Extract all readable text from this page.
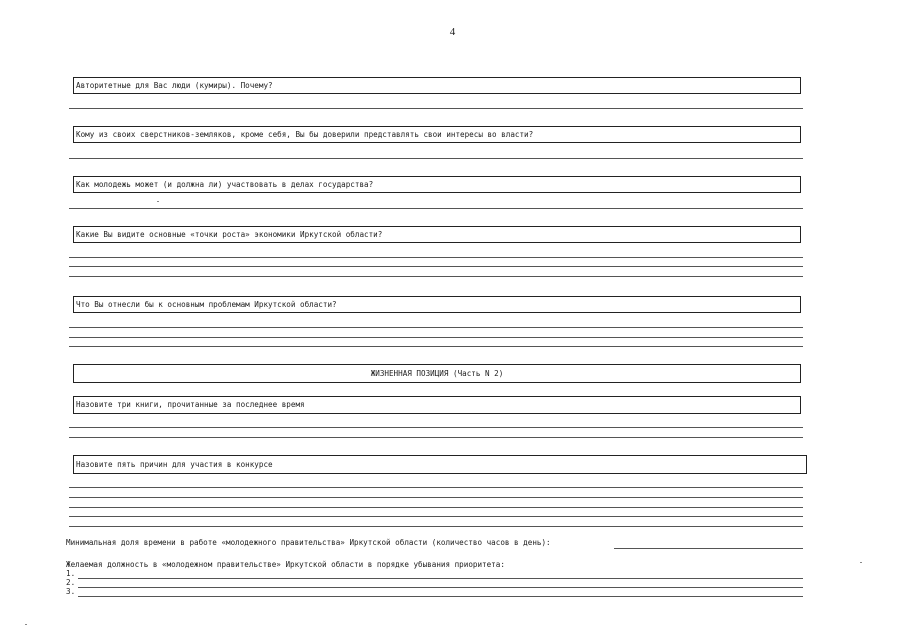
4
Авторитетные для Вас люди (кумиры). Почему?
Кому из своих сверстников-земляков, кроме себя, Вы бы доверили представлять свои интересы во власти?
Как молодежь может (и должна ли) участвовать в делах государства?
Какие Вы видите основные «точки роста» экономики Иркутской области?
Что Вы отнесли бы к основным проблемам Иркутской области?
ЖИЗНЕННАЯ ПОЗИЦИЯ (Часть N 2)
Назовите три книги, прочитанные за последнее время
Назовите пять причин для участия в конкурсе
Минимальная доля времени в работе «молодежного правительства» Иркутской области (количество часов в день):
Желаемая должность в «молодежном правительстве» Иркутской области в порядке убывания приоритета:
1.
2.
3.
